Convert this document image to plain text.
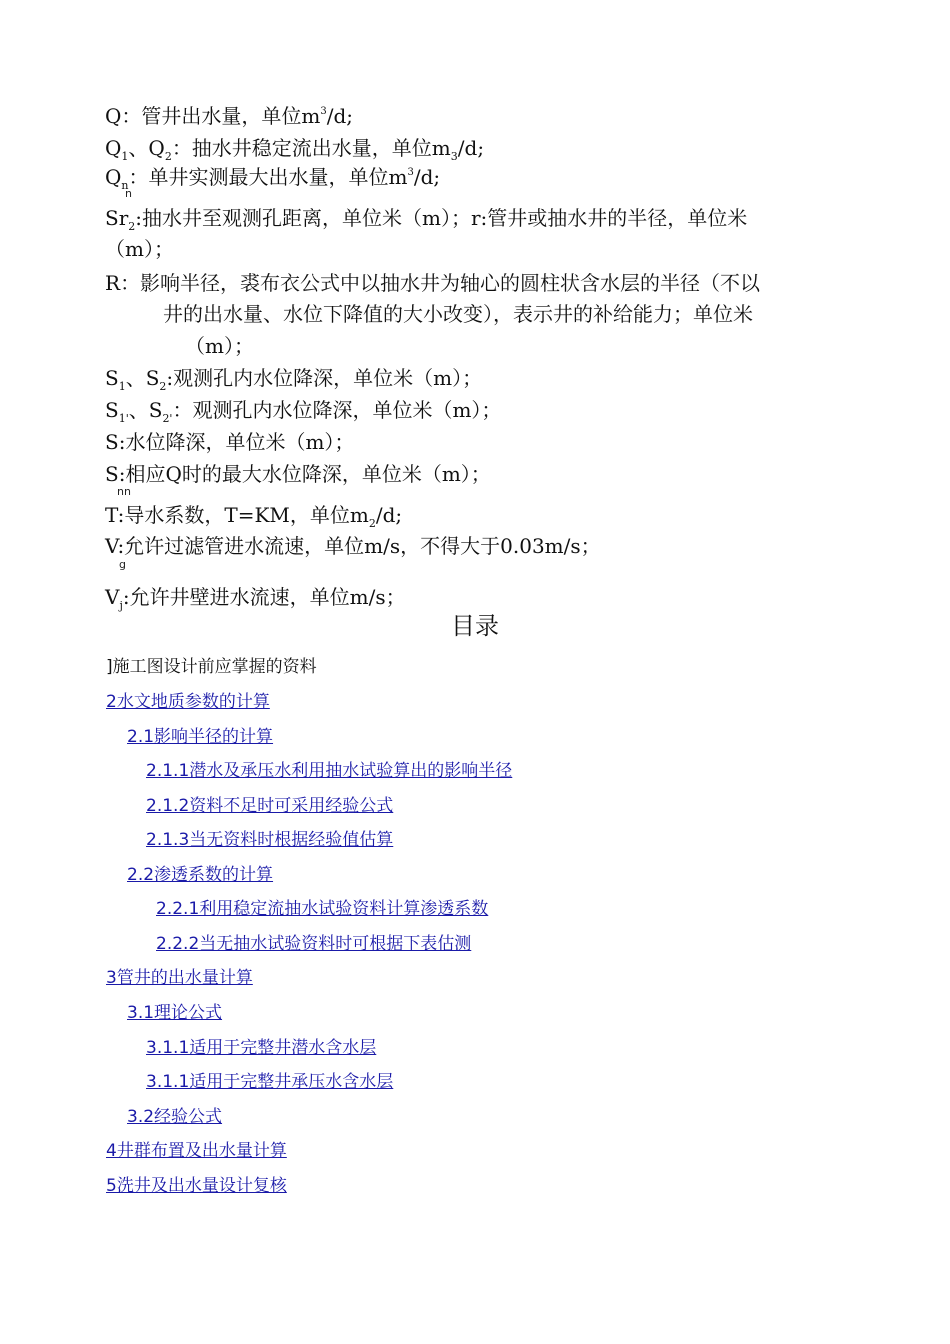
Q：管井出水量，单位$m^3/d$;
$Q_1$、$Q_2$：抽水井稳定流出水量，单位$m_3/d$;
$Q_n$：单井实测最大出水量，单位$m^3/d$;
n
$Sr_2$:抽水井至观测孔距离，单位米（m）；r:管井或抽水井的半径，单位米
（m）；
R：影响半径，裘布衣公式中以抽水井为轴心的圆柱状含水层的半径（不以
井的出水量、水位下降值的大小改变），表示井的补给能力；单位米
（m）；
$S_1$、$S_2$:观测孔内水位降深，单位米（m）；
$S_{1'}$、$S_{2'}$：观测孔内水位降深，单位米（m）；
S:水位降深，单位米（m）；
S:相应Q时的最大水位降深，单位米（m）；
nn
T:导水系数，T=KM，单位$m_2/d$;
V:允许过滤管进水流速，单位m/s，不得大于0.03m/s；
g
$V_j$:允许井壁进水流速，单位m/s；
目录
]施工图设计前应掌握的资料
2水文地质参数的计算
2.1影响半径的计算
2.1.1潜水及承压水利用抽水试验算出的影响半径
2.1.2资料不足时可采用经验公式
2.1.3当无资料时根据经验值估算
2.2渗透系数的计算
2.2.1利用稳定流抽水试验资料计算渗透系数
2.2.2当无抽水试验资料时可根据下表估测
3管井的出水量计算
3.1理论公式
3.1.1适用于完整井潜水含水层
3.1.1适用于完整井承压水含水层
3.2经验公式
4井群布置及出水量计算
5洗井及出水量设计复核
